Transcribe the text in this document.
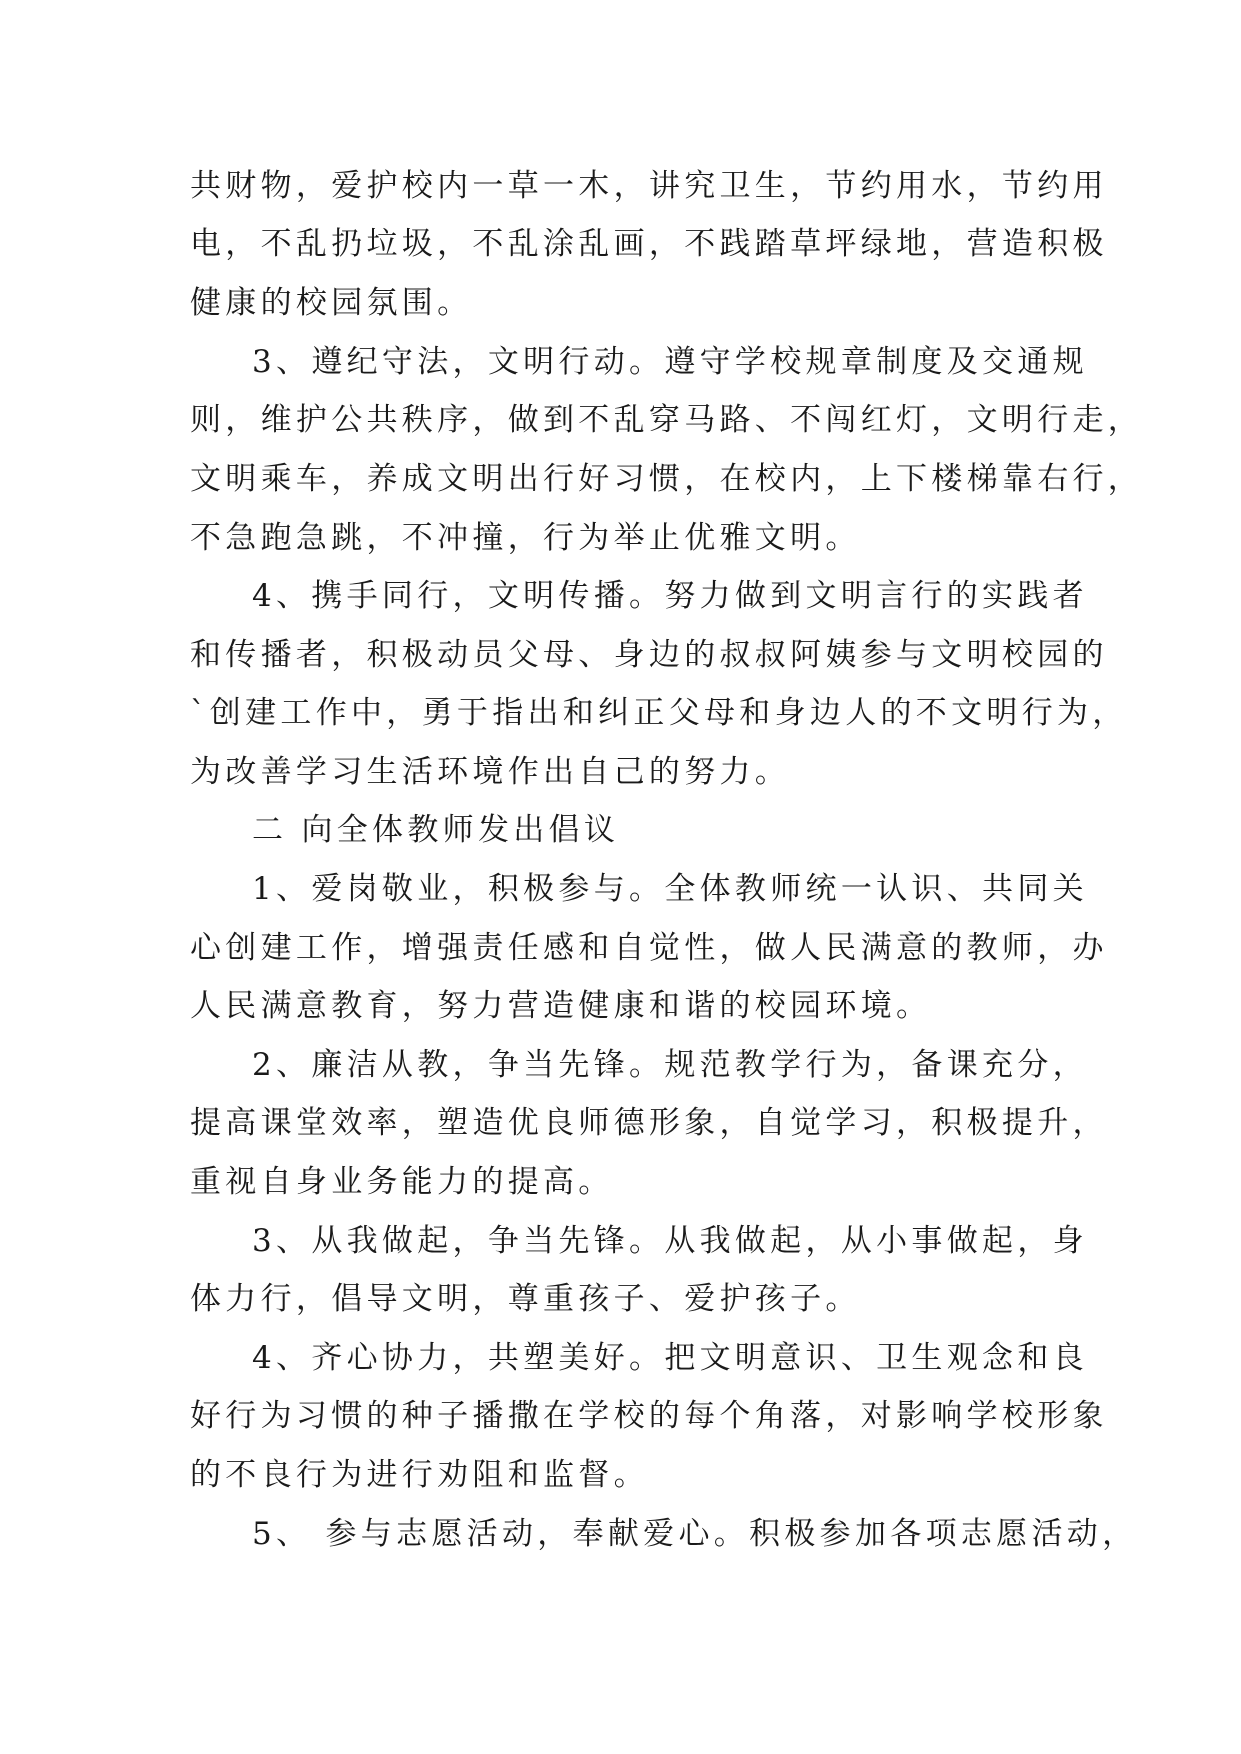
共财物，爱护校内一草一木，讲究卫生，节约用水，节约用
电，不乱扔垃圾，不乱涂乱画，不践踏草坪绿地，营造积极
健康的校园氛围。
3、遵纪守法，文明行动。遵守学校规章制度及交通规
则，维护公共秩序，做到不乱穿马路、不闯红灯，文明行走，
文明乘车，养成文明出行好习惯，在校内，上下楼梯靠右行，
不急跑急跳，不冲撞，行为举止优雅文明。
4、携手同行，文明传播。努力做到文明言行的实践者
和传播者，积极动员父母、身边的叔叔阿姨参与文明校园的
`创建工作中，勇于指出和纠正父母和身边人的不文明行为，
为改善学习生活环境作出自己的努力。
二 向全体教师发出倡议
1、爱岗敬业，积极参与。全体教师统一认识、共同关
心创建工作，增强责任感和自觉性，做人民满意的教师，办
人民满意教育，努力营造健康和谐的校园环境。
2、廉洁从教，争当先锋。规范教学行为，备课充分，
提高课堂效率，塑造优良师德形象，自觉学习，积极提升，
重视自身业务能力的提高。
3、从我做起，争当先锋。从我做起，从小事做起，身
体力行，倡导文明，尊重孩子、爱护孩子。
4、齐心协力，共塑美好。把文明意识、卫生观念和良
好行为习惯的种子播撒在学校的每个角落，对影响学校形象
的不良行为进行劝阻和监督。
5、 参与志愿活动，奉献爱心。积极参加各项志愿活动，
